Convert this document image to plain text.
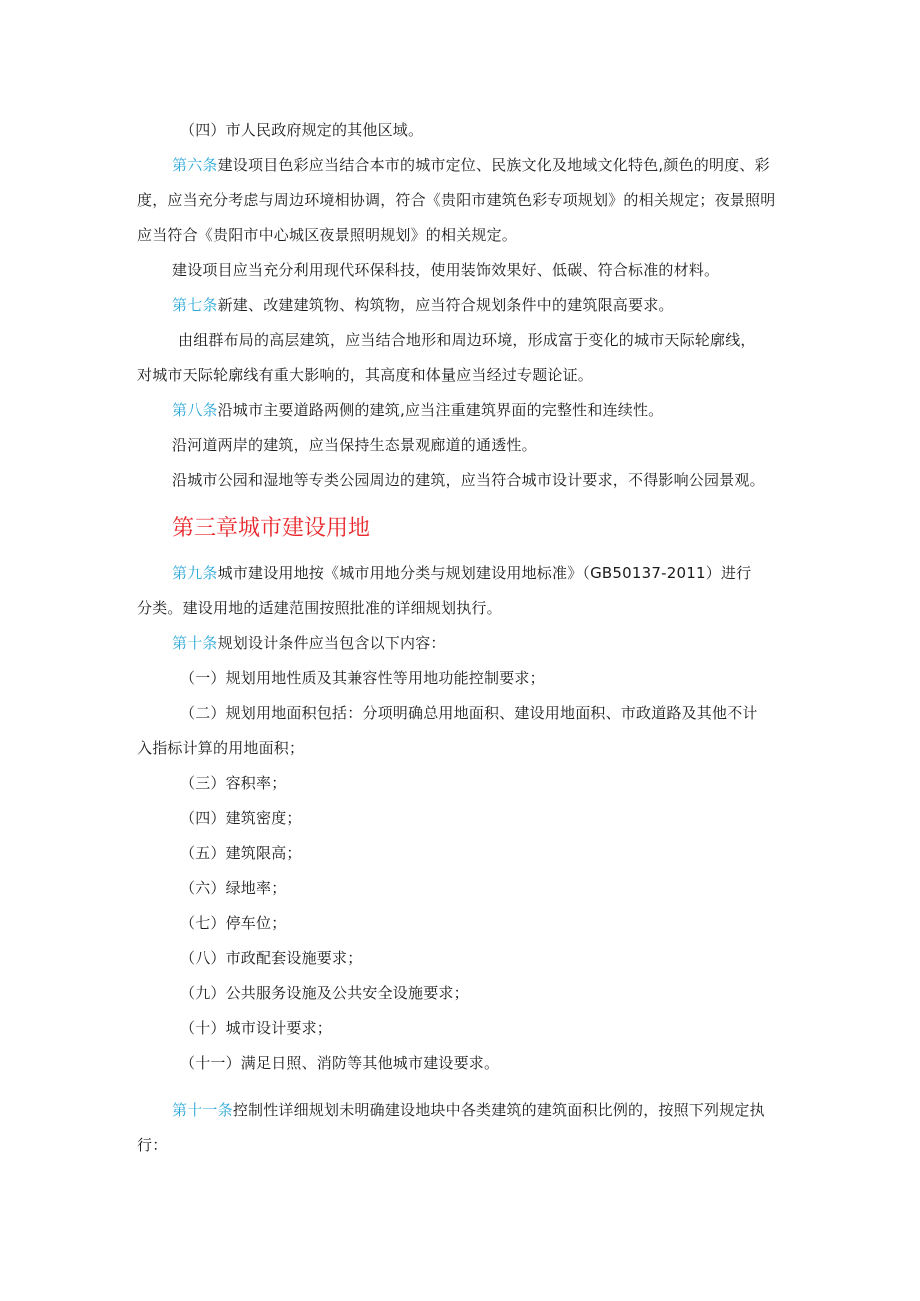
（四）市人民政府规定的其他区域。
第六条建设项目色彩应当结合本市的城市定位、民族文化及地域文化特色,颜色的明度、彩
度，应当充分考虑与周边环境相协调，符合《贵阳市建筑色彩专项规划》的相关规定；夜景照明
应当符合《贵阳市中心城区夜景照明规划》的相关规定。
建设项目应当充分利用现代环保科技，使用装饰效果好、低碳、符合标准的材料。
第七条新建、改建建筑物、构筑物，应当符合规划条件中的建筑限高要求。
由组群布局的高层建筑，应当结合地形和周边环境，形成富于变化的城市天际轮廓线，
对城市天际轮廓线有重大影响的，其高度和体量应当经过专题论证。
第八条沿城市主要道路两侧的建筑,应当注重建筑界面的完整性和连续性。
沿河道两岸的建筑，应当保持生态景观廊道的通透性。
沿城市公园和湿地等专类公园周边的建筑，应当符合城市设计要求，不得影响公园景观。
第三章城市建设用地
第九条城市建设用地按《城市用地分类与规划建设用地标准》（GB50137-2011）进行
分类。建设用地的适建范围按照批准的详细规划执行。
第十条规划设计条件应当包含以下内容：
（一）规划用地性质及其兼容性等用地功能控制要求；
（二）规划用地面积包括：分项明确总用地面积、建设用地面积、市政道路及其他不计
入指标计算的用地面积；
（三）容积率；
（四）建筑密度；
（五）建筑限高；
（六）绿地率；
（七）停车位；
（八）市政配套设施要求；
（九）公共服务设施及公共安全设施要求；
（十）城市设计要求；
（十一）满足日照、消防等其他城市建设要求。
第十一条控制性详细规划未明确建设地块中各类建筑的建筑面积比例的，按照下列规定执
行：
